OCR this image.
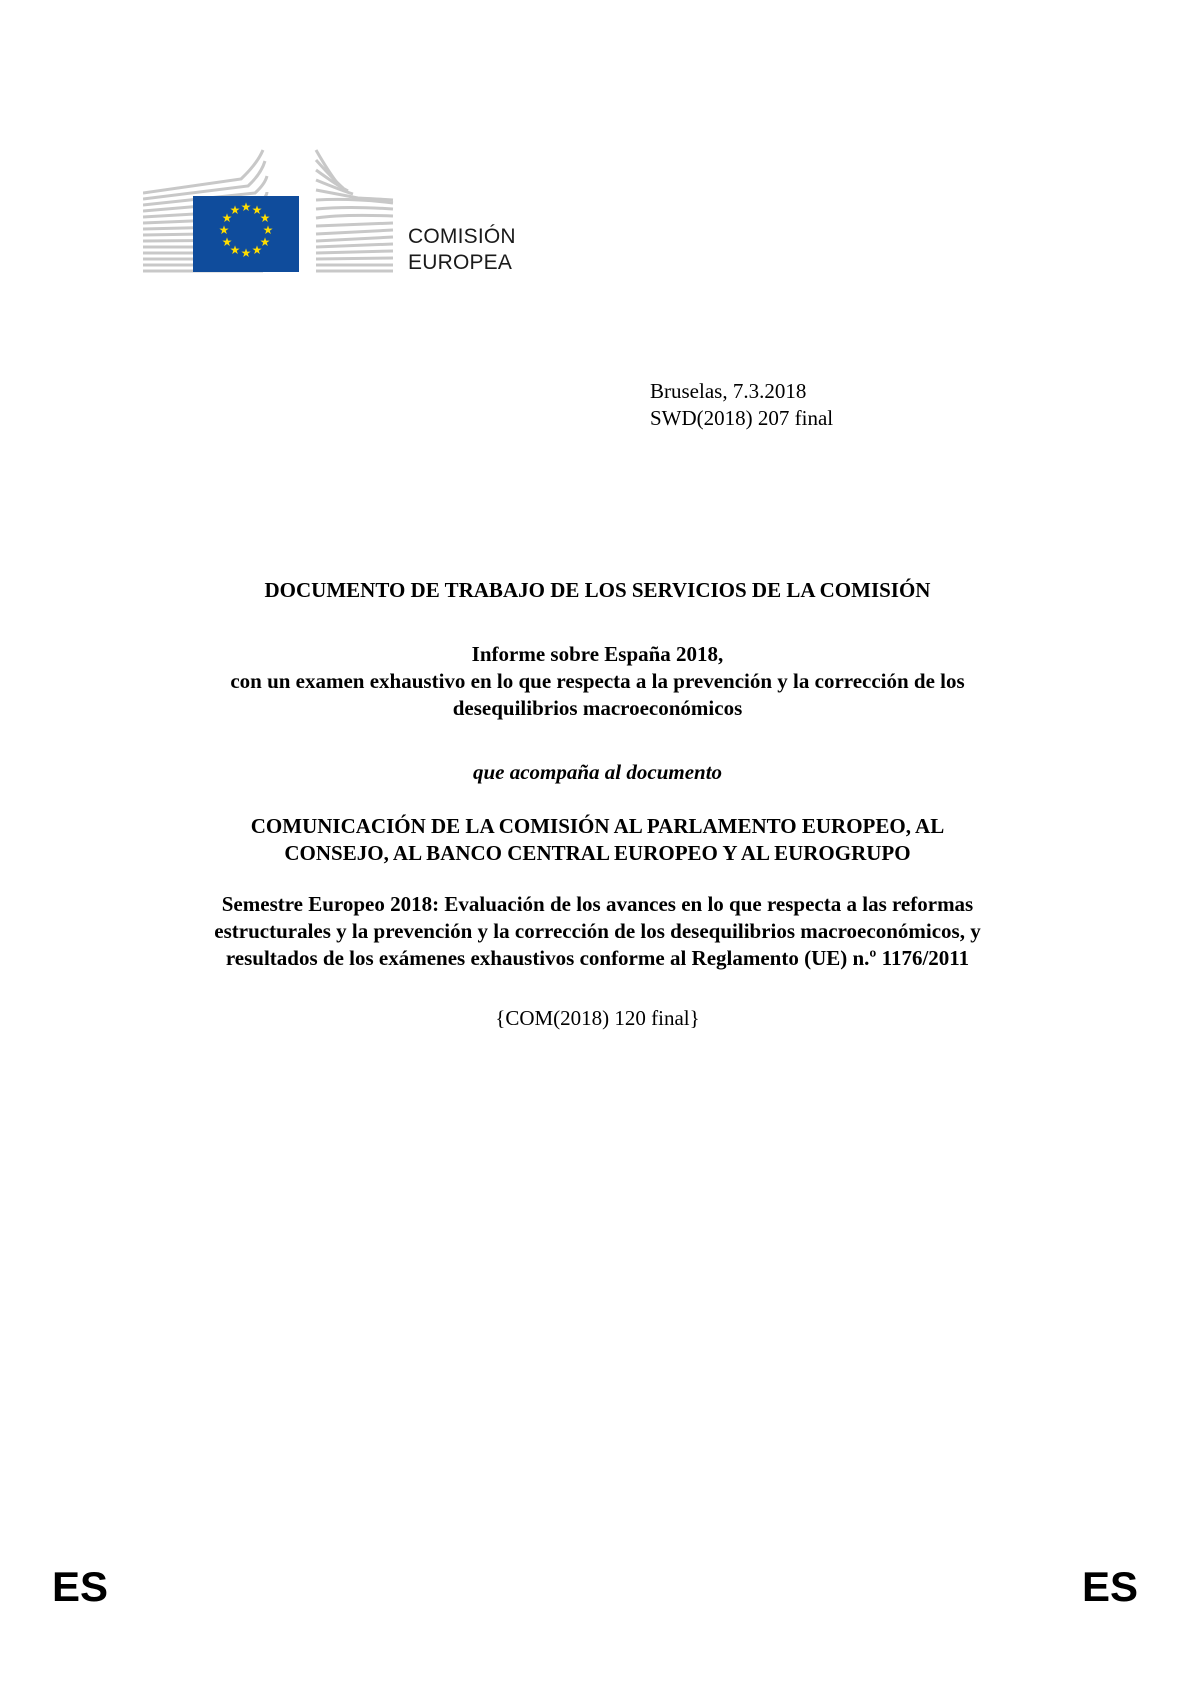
★ ★
★
★
★
★
★
★
★
★
★
★
COMISIÓN
EUROPEA
Bruselas, 7.3.2018
SWD(2018) 207 final
DOCUMENTO DE TRABAJO DE LOS SERVICIOS DE LA COMISIÓN
Informe sobre España 2018,
con un examen exhaustivo en lo que respecta a la prevención y la corrección de los
desequilibrios macroeconómicos
que acompaña al documento
COMUNICACIÓN DE LA COMISIÓN AL PARLAMENTO EUROPEO, AL
CONSEJO, AL BANCO CENTRAL EUROPEO Y AL EUROGRUPO
Semestre Europeo 2018: Evaluación de los avances en lo que respecta a las reformas
estructurales y la prevención y la corrección de los desequilibrios macroeconómicos, y
resultados de los exámenes exhaustivos conforme al Reglamento (UE) n.º 1176/2011
{COM(2018) 120 final}
ES	ES
